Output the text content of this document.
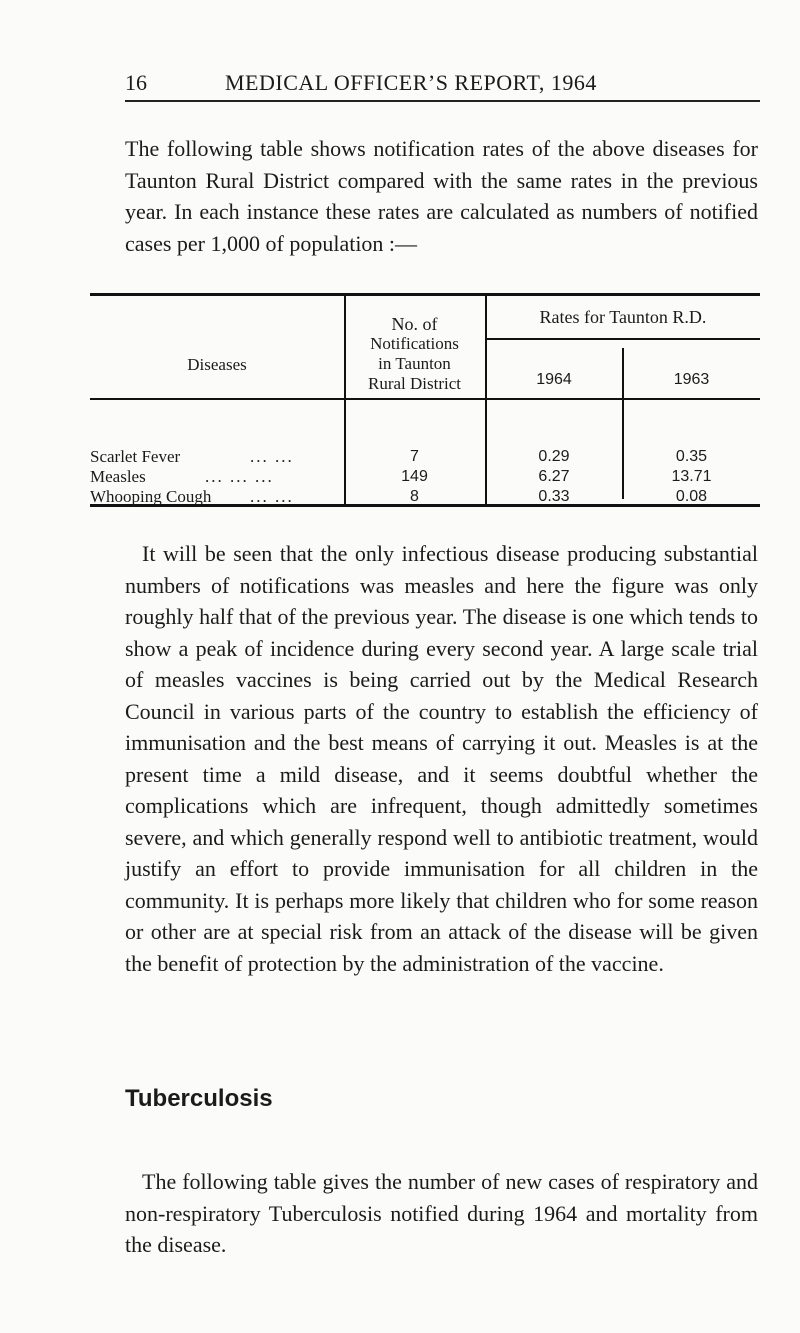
16	MEDICAL OFFICER’S REPORT, 1964

The following table shows notification rates of the above diseases for Taunton Rural District compared with the same rates in the previous year. In each instance these rates are calculated as numbers of notified cases per 1,000 of population :—

Diseases
No. of
Notifications
in Taunton
Rural District
Rates for Taunton R.D.
1964	1963
Scarlet Fever	... ...	7	0.29	0.35
Measles	... ... ...	149	6.27	13.71
Whooping Cough ... ...	8	0.33	0.08

It will be seen that the only infectious disease producing substantial numbers of notifications was measles and here the figure was only roughly half that of the previous year. The disease is one which tends to show a peak of incidence during every second year. A large scale trial of measles vaccines is being carried out by the Medical Research Council in various parts of the country to establish the efficiency of immunisation and the best means of carrying it out. Measles is at the present time a mild disease, and it seems doubtful whether the complications which are infrequent, though admittedly sometimes severe, and which generally respond well to antibiotic treatment, would justify an effort to provide immunisation for all children in the community. It is perhaps more likely that children who for some reason or other are at special risk from an attack of the disease will be given the benefit of protection by the administration of the vaccine.

Tuberculosis

The following table gives the number of new cases of respiratory and non-respiratory Tuberculosis notified during 1964 and mortality from the disease.
